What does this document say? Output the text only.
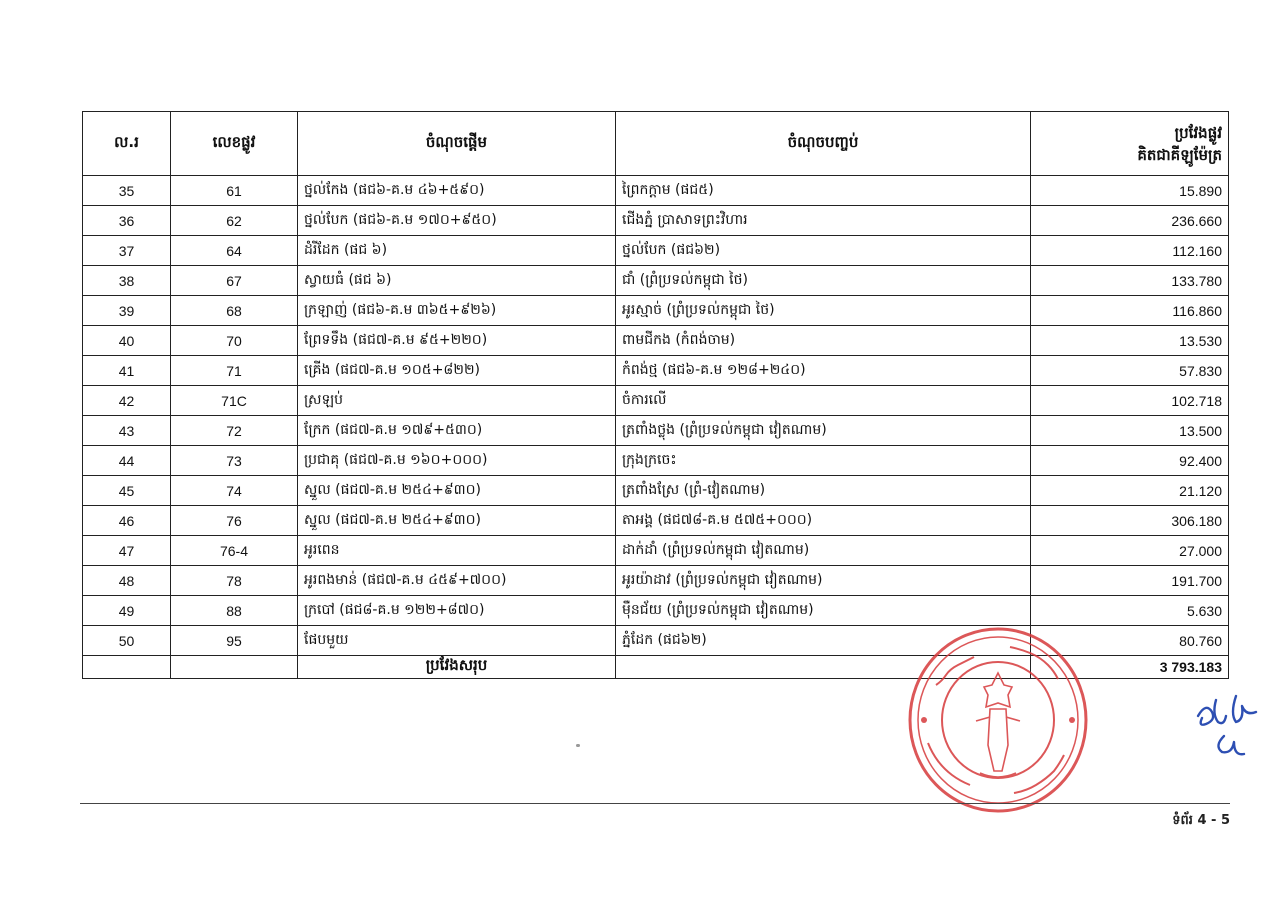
ល.រ	លេខផ្លូវ	ចំណុចផ្ដើម	ចំណុចបញ្ចប់	ប្រវែងផ្លូវ
គិតជាគីឡូម៉ែត្រ

35	61	ថ្នល់កែង (ផជ៦-គ.ម ៤៦+៥៩០)	ព្រៃកក្ដាម (ផជ៥)	15.890
36	62	ថ្នល់បែក (ផជ៦-គ.ម ១៧០+៩៥០)	ជើងភ្នំ ប្រាសាទព្រះវិហារ	236.660
37	64	ដំរីដែក (ផជ ៦)	ថ្នល់បែក (ផជ៦២)	112.160
38	67	ស្វាយធំ (ផជ ៦)	ជាំ (ព្រំប្រទល់កម្ពុជា ថៃ)	133.780
39	68	ក្រឡាញ់ (ផជ៦-គ.ម ៣៦៥+៩២៦)	អូរស្មាច់ (ព្រំប្រទល់កម្ពុជា ថៃ)	116.860
40	70	ព្រែទទឹង (ផជ៧-គ.ម ៩៥+២២០)	ពាមជីកង (កំពង់ចាម)	13.530
41	71	គ្រើង (ផជ៧-គ.ម ១០៥+៨២២)	កំពង់ថ្ម (ផជ៦-គ.ម ១២៨+២៤០)	57.830
42	71C	ស្រឡប់	ចំការលើ	102.718
43	72	ក្រែក (ផជ៧-គ.ម ១៧៩+៥៣០)	ត្រពាំងថ្លុង (ព្រំប្រទល់កម្ពុជា វៀតណាម)	13.500
44	73	ប្រជាគុ (ផជ៧-គ.ម ១៦០+០០០)	ក្រុងក្រចេះ	92.400
45	74	ស្នួល (ផជ៧-គ.ម ២៥៤+៩៣០)	ត្រពាំងស្រែ (ព្រំ-វៀតណាម)	21.120
46	76	ស្នួល (ផជ៧-គ.ម ២៥៤+៩៣០)	តាអង្គ (ផជ៧៨-គ.ម ៥៧៥+០០០)	306.180
47	76-4	អូរពេន	ដាក់ដាំ (ព្រំប្រទល់កម្ពុជា វៀតណាម)	27.000
48	78	អូរពងមាន់ (ផជ៧-គ.ម ៤៥៩+៧០០)	អូរយ៉ាដាវ (ព្រំប្រទល់កម្ពុជា វៀតណាម)	191.700
49	88	ក្របៅ (ផជ៨-គ.ម ១២២+៨៧០)	ម៉ឺនជ័យ (ព្រំប្រទល់កម្ពុជា វៀតណាម)	5.630
50	95	ផែបមួយ	ភ្នំដែក (ផជ៦២)	80.760
		ប្រវែងសរុប		3 793.183
ទំព័រ 4 - 5
